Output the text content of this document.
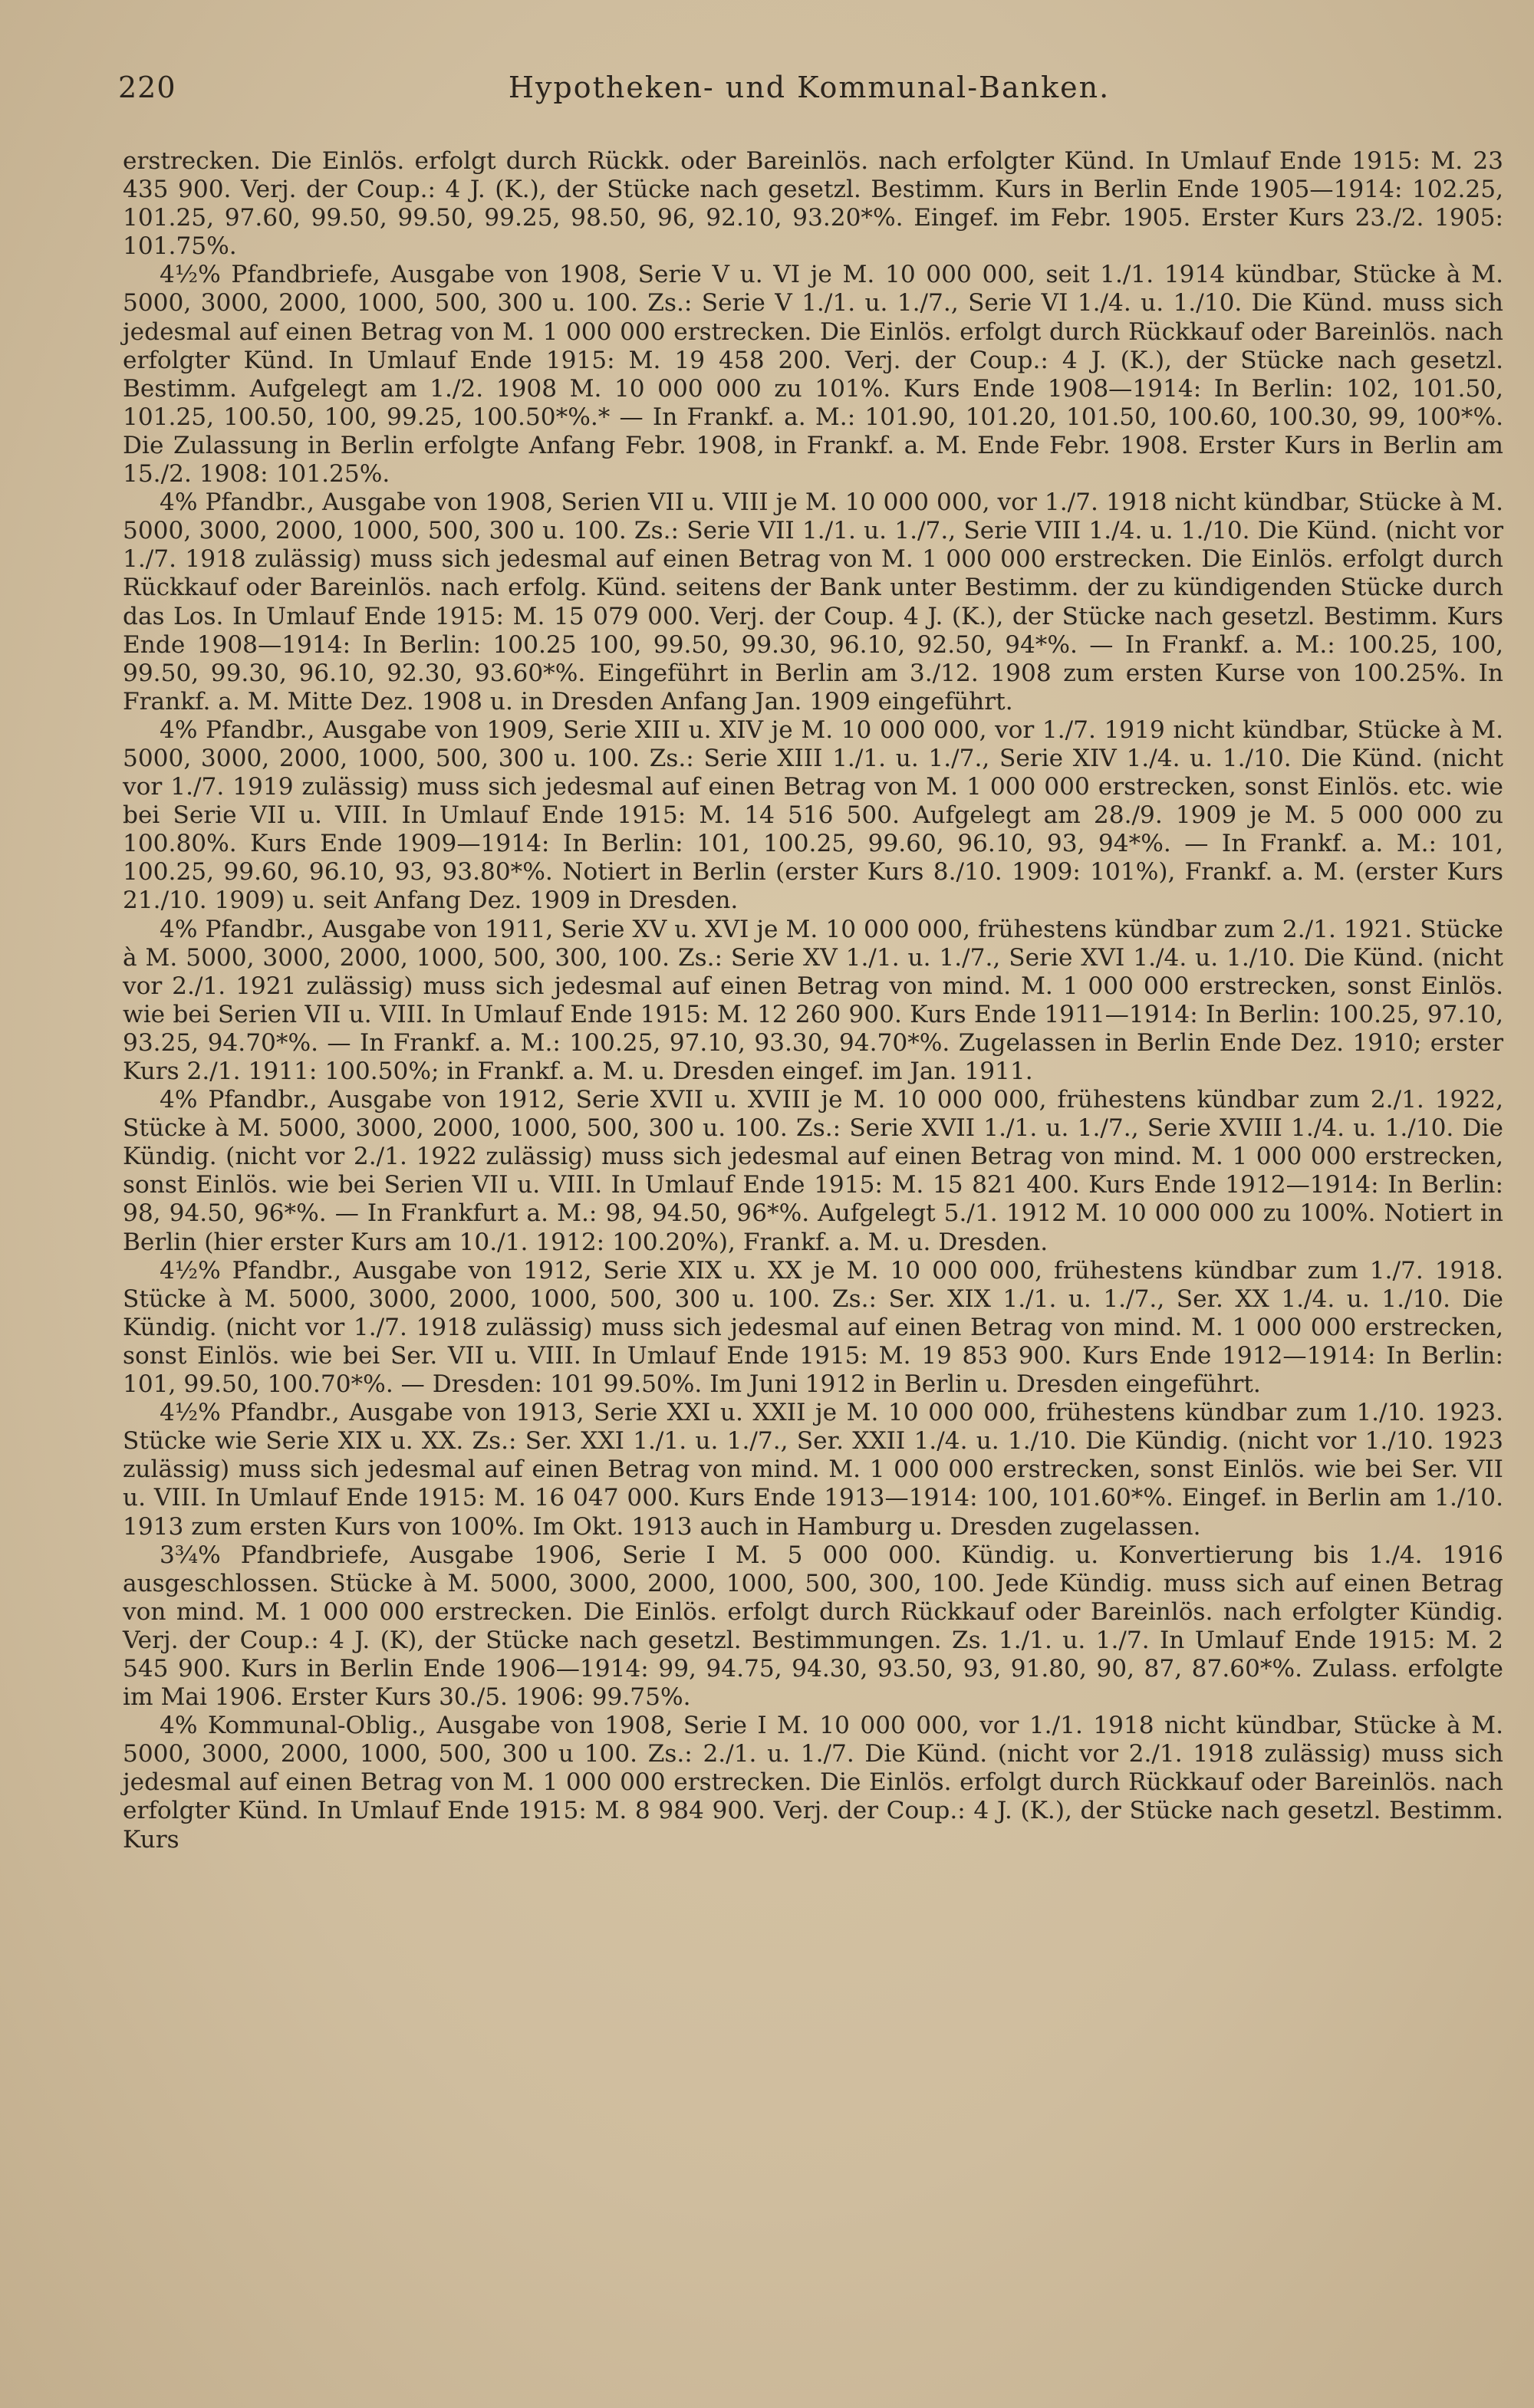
220	Hypotheken- und Kommunal-Banken.

erstrecken. Die Einlös. erfolgt durch Rückk. oder Bareinlös. nach erfolgter Künd. In Umlauf Ende 1915: M. 23 435 900. Verj. der Coup.: 4 J. (K.), der Stücke nach gesetzl. Bestimm. Kurs in Berlin Ende 1905—1914: 102.25, 101.25, 97.60, 99.50, 99.50, 99.25, 98.50, 96, 92.10, 93.20*%. Eingef. im Febr. 1905. Erster Kurs 23./2. 1905: 101.75%.

4½% Pfandbriefe, Ausgabe von 1908, Serie V u. VI je M. 10 000 000, seit 1./1. 1914 kündbar, Stücke à M. 5000, 3000, 2000, 1000, 500, 300 u. 100. Zs.: Serie V 1./1. u. 1./7., Serie VI 1./4. u. 1./10. Die Künd. muss sich jedesmal auf einen Betrag von M. 1 000 000 erstrecken. Die Einlös. erfolgt durch Rückkauf oder Bareinlös. nach erfolgter Künd. In Umlauf Ende 1915: M. 19 458 200. Verj. der Coup.: 4 J. (K.), der Stücke nach gesetzl. Bestimm. Aufgelegt am 1./2. 1908 M. 10 000 000 zu 101%. Kurs Ende 1908—1914: In Berlin: 102, 101.50, 101.25, 100.50, 100, 99.25, 100.50*%.* — In Frankf. a. M.: 101.90, 101.20, 101.50, 100.60, 100.30, 99, 100*%. Die Zulassung in Berlin erfolgte Anfang Febr. 1908, in Frankf. a. M. Ende Febr. 1908. Erster Kurs in Berlin am 15./2. 1908: 101.25%.

4% Pfandbr., Ausgabe von 1908, Serien VII u. VIII je M. 10 000 000, vor 1./7. 1918 nicht kündbar, Stücke à M. 5000, 3000, 2000, 1000, 500, 300 u. 100. Zs.: Serie VII 1./1. u. 1./7., Serie VIII 1./4. u. 1./10. Die Künd. (nicht vor 1./7. 1918 zulässig) muss sich jedesmal auf einen Betrag von M. 1 000 000 erstrecken. Die Einlös. erfolgt durch Rückkauf oder Bareinlös. nach erfolg. Künd. seitens der Bank unter Bestimm. der zu kündigenden Stücke durch das Los. In Umlauf Ende 1915: M. 15 079 000. Verj. der Coup. 4 J. (K.), der Stücke nach gesetzl. Bestimm. Kurs Ende 1908—1914: In Berlin: 100.25 100, 99.50, 99.30, 96.10, 92.50, 94*%. — In Frankf. a. M.: 100.25, 100, 99.50, 99.30, 96.10, 92.30, 93.60*%. Eingeführt in Berlin am 3./12. 1908 zum ersten Kurse von 100.25%. In Frankf. a. M. Mitte Dez. 1908 u. in Dresden Anfang Jan. 1909 eingeführt.

4% Pfandbr., Ausgabe von 1909, Serie XIII u. XIV je M. 10 000 000, vor 1./7. 1919 nicht kündbar, Stücke à M. 5000, 3000, 2000, 1000, 500, 300 u. 100. Zs.: Serie XIII 1./1. u. 1./7., Serie XIV 1./4. u. 1./10. Die Künd. (nicht vor 1./7. 1919 zulässig) muss sich jedesmal auf einen Betrag von M. 1 000 000 erstrecken, sonst Einlös. etc. wie bei Serie VII u. VIII. In Umlauf Ende 1915: M. 14 516 500. Aufgelegt am 28./9. 1909 je M. 5 000 000 zu 100.80%. Kurs Ende 1909—1914: In Berlin: 101, 100.25, 99.60, 96.10, 93, 94*%. — In Frankf. a. M.: 101, 100.25, 99.60, 96.10, 93, 93.80*%. Notiert in Berlin (erster Kurs 8./10. 1909: 101%), Frankf. a. M. (erster Kurs 21./10. 1909) u. seit Anfang Dez. 1909 in Dresden.

4% Pfandbr., Ausgabe von 1911, Serie XV u. XVI je M. 10 000 000, frühestens kündbar zum 2./1. 1921. Stücke à M. 5000, 3000, 2000, 1000, 500, 300, 100. Zs.: Serie XV 1./1. u. 1./7., Serie XVI 1./4. u. 1./10. Die Künd. (nicht vor 2./1. 1921 zulässig) muss sich jedesmal auf einen Betrag von mind. M. 1 000 000 erstrecken, sonst Einlös. wie bei Serien VII u. VIII. In Umlauf Ende 1915: M. 12 260 900. Kurs Ende 1911—1914: In Berlin: 100.25, 97.10, 93.25, 94.70*%. — In Frankf. a. M.: 100.25, 97.10, 93.30, 94.70*%. Zugelassen in Berlin Ende Dez. 1910; erster Kurs 2./1. 1911: 100.50%; in Frankf. a. M. u. Dresden eingef. im Jan. 1911.

4% Pfandbr., Ausgabe von 1912, Serie XVII u. XVIII je M. 10 000 000, frühestens kündbar zum 2./1. 1922, Stücke à M. 5000, 3000, 2000, 1000, 500, 300 u. 100. Zs.: Serie XVII 1./1. u. 1./7., Serie XVIII 1./4. u. 1./10. Die Kündig. (nicht vor 2./1. 1922 zulässig) muss sich jedesmal auf einen Betrag von mind. M. 1 000 000 erstrecken, sonst Einlös. wie bei Serien VII u. VIII. In Umlauf Ende 1915: M. 15 821 400. Kurs Ende 1912—1914: In Berlin: 98, 94.50, 96*%. — In Frankfurt a. M.: 98, 94.50, 96*%. Aufgelegt 5./1. 1912 M. 10 000 000 zu 100%. Notiert in Berlin (hier erster Kurs am 10./1. 1912: 100.20%), Frankf. a. M. u. Dresden.

4½% Pfandbr., Ausgabe von 1912, Serie XIX u. XX je M. 10 000 000, frühestens kündbar zum 1./7. 1918. Stücke à M. 5000, 3000, 2000, 1000, 500, 300 u. 100. Zs.: Ser. XIX 1./1. u. 1./7., Ser. XX 1./4. u. 1./10. Die Kündig. (nicht vor 1./7. 1918 zulässig) muss sich jedesmal auf einen Betrag von mind. M. 1 000 000 erstrecken, sonst Einlös. wie bei Ser. VII u. VIII. In Umlauf Ende 1915: M. 19 853 900. Kurs Ende 1912—1914: In Berlin: 101, 99.50, 100.70*%. — Dresden: 101 99.50%. Im Juni 1912 in Berlin u. Dresden eingeführt.

4½% Pfandbr., Ausgabe von 1913, Serie XXI u. XXII je M. 10 000 000, frühestens kündbar zum 1./10. 1923. Stücke wie Serie XIX u. XX. Zs.: Ser. XXI 1./1. u. 1./7., Ser. XXII 1./4. u. 1./10. Die Kündig. (nicht vor 1./10. 1923 zulässig) muss sich jedesmal auf einen Betrag von mind. M. 1 000 000 erstrecken, sonst Einlös. wie bei Ser. VII u. VIII. In Umlauf Ende 1915: M. 16 047 000. Kurs Ende 1913—1914: 100, 101.60*%. Eingef. in Berlin am 1./10. 1913 zum ersten Kurs von 100%. Im Okt. 1913 auch in Hamburg u. Dresden zugelassen.

3¾% Pfandbriefe, Ausgabe 1906, Serie I M. 5 000 000. Kündig. u. Konvertierung bis 1./4. 1916 ausgeschlossen. Stücke à M. 5000, 3000, 2000, 1000, 500, 300, 100. Jede Kündig. muss sich auf einen Betrag von mind. M. 1 000 000 erstrecken. Die Einlös. erfolgt durch Rückkauf oder Bareinlös. nach erfolgter Kündig. Verj. der Coup.: 4 J. (K), der Stücke nach gesetzl. Bestimmungen. Zs. 1./1. u. 1./7. In Umlauf Ende 1915: M. 2 545 900. Kurs in Berlin Ende 1906—1914: 99, 94.75, 94.30, 93.50, 93, 91.80, 90, 87, 87.60*%. Zulass. erfolgte im Mai 1906. Erster Kurs 30./5. 1906: 99.75%.

4% Kommunal-Oblig., Ausgabe von 1908, Serie I M. 10 000 000, vor 1./1. 1918 nicht kündbar, Stücke à M. 5000, 3000, 2000, 1000, 500, 300 u 100. Zs.: 2./1. u. 1./7. Die Künd. (nicht vor 2./1. 1918 zulässig) muss sich jedesmal auf einen Betrag von M. 1 000 000 erstrecken. Die Einlös. erfolgt durch Rückkauf oder Bareinlös. nach erfolgter Künd. In Umlauf Ende 1915: M. 8 984 900. Verj. der Coup.: 4 J. (K.), der Stücke nach gesetzl. Bestimm. Kurs
